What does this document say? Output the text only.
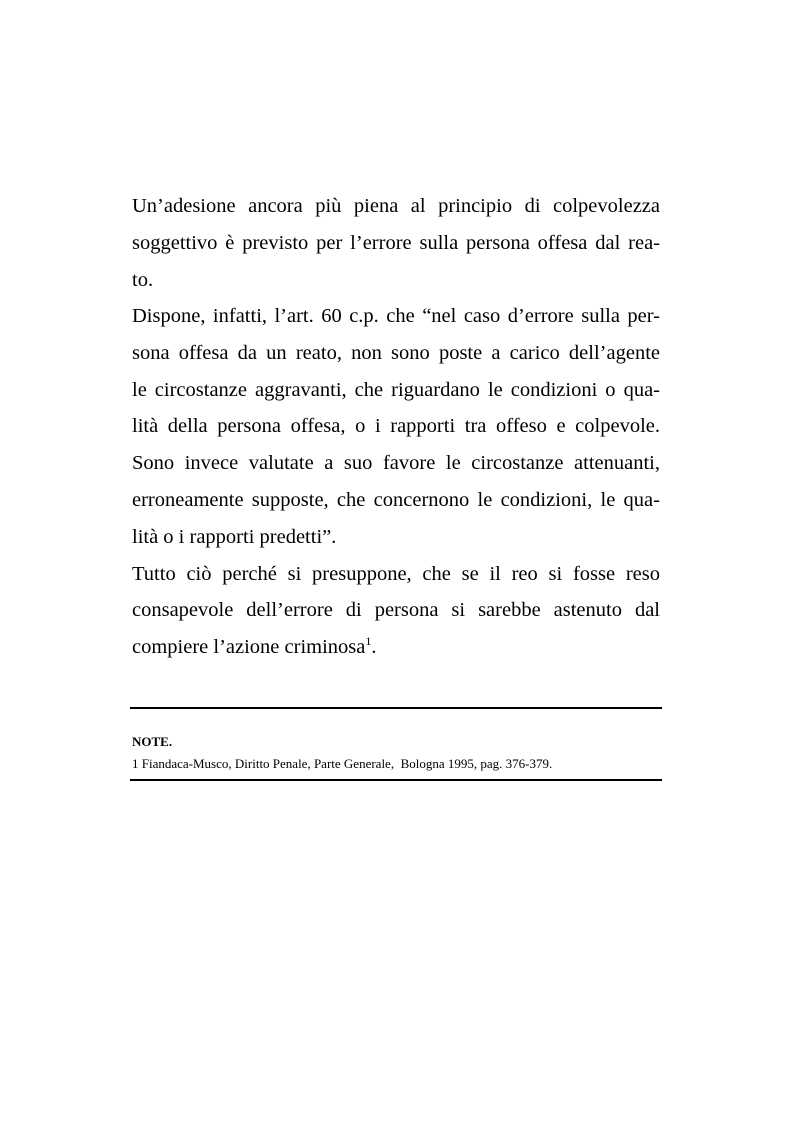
Un’adesione ancora più piena al principio di colpevolezza
soggettivo è previsto per l’errore sulla persona offesa dal rea-
to.
Dispone, infatti, l’art. 60 c.p. che “nel caso d’errore sulla per-
sona offesa da un reato, non sono poste a carico dell’agente
le circostanze aggravanti, che riguardano le condizioni o qua-
lità della persona offesa, o i rapporti tra offeso e colpevole.
Sono invece valutate a suo favore le circostanze attenuanti,
erroneamente supposte, che concernono le condizioni, le qua-
lità o i rapporti predetti”.
Tutto ciò perché si presuppone, che se il reo si fosse reso
consapevole dell’errore di persona si sarebbe astenuto dal
compiere l’azione criminosa$^1$.
NOTE.
1 Fiandaca-Musco, Diritto Penale, Parte Generale,  Bologna 1995, pag. 376-379.
